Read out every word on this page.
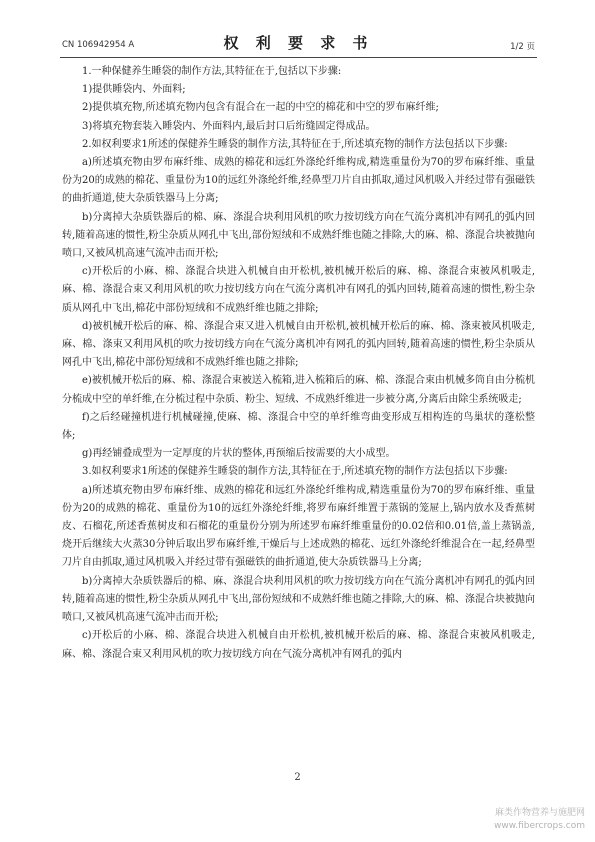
CN 106942954 A	权 利 要 求 书	1/2 页

1.一种保健养生睡袋的制作方法,其特征在于,包括以下步骤:

1)提供睡袋内、外面料;

2)提供填充物,所述填充物内包含有混合在一起的中空的棉花和中空的罗布麻纤维;

3)将填充物套装入睡袋内、外面料内,最后封口后绗缝固定得成品。

2.如权利要求1所述的保健养生睡袋的制作方法,其特征在于,所述填充物的制作方法包括以下步骤:

a)所述填充物由罗布麻纤维、成熟的棉花和远红外涤纶纤维构成,精选重量份为70的罗布麻纤维、重量份为20的成熟的棉花、重量份为10的远红外涤纶纤维,经鼻型刀片自由抓取,通过风机吸入并经过带有强磁铁的曲折通道,使大杂质铁器马上分离;

b)分离掉大杂质铁器后的棉、麻、涤混合块利用风机的吹力按切线方向在气流分离机冲有网孔的弧内回转,随着高速的惯性,粉尘杂质从网孔中飞出,部份短绒和不成熟纤维也随之排除,大的麻、棉、涤混合块被抛向喷口,又被风机高速气流冲击而开松;

c)开松后的小麻、棉、涤混合块进入机械自由开松机,被机械开松后的麻、棉、涤混合束被风机吸走,麻、棉、涤混合束又利用风机的吹力按切线方向在气流分离机冲有网孔的弧内回转,随着高速的惯性,粉尘杂质从网孔中飞出,棉花中部份短绒和不成熟纤维也随之排除;

d)被机械开松后的麻、棉、涤混合束又进入机械自由开松机,被机械开松后的麻、棉、涤束被风机吸走,麻、棉、涤束又利用风机的吹力按切线方向在气流分离机冲有网孔的弧内回转,随着高速的惯性,粉尘杂质从网孔中飞出,棉花中部份短绒和不成熟纤维也随之排除;

e)被机械开松后的麻、棉、涤混合束被送入梳箱,进入梳箱后的麻、棉、涤混合束由机械多筒自由分梳机分梳成中空的单纤维,在分梳过程中杂质、粉尘、短绒、不成熟纤维进一步被分离,分离后由除尘系统吸走;

f)之后经碰撞机进行机械碰撞,使麻、棉、涤混合中空的单纤维弯曲变形成互相构连的鸟巢状的蓬松整体;

g)再经铺叠成型为一定厚度的片状的整体,再预缩后按需要的大小成型。

3.如权利要求1所述的保健养生睡袋的制作方法,其特征在于,所述填充物的制作方法包括以下步骤:

a)所述填充物由罗布麻纤维、成熟的棉花和远红外涤纶纤维构成,精选重量份为70的罗布麻纤维、重量份为20的成熟的棉花、重量份为10的远红外涤纶纤维,将罗布麻纤维置于蒸锅的笼屉上,锅内放水及香蕉树皮、石榴花,所述香蕉树皮和石榴花的重量份分别为所述罗布麻纤维重量份的0.02倍和0.01倍,盖上蒸锅盖,烧开后继续大火蒸30分钟后取出罗布麻纤维,干燥后与上述成熟的棉花、远红外涤纶纤维混合在一起,经鼻型刀片自由抓取,通过风机吸入并经过带有强磁铁的曲折通道,使大杂质铁器马上分离;

b)分离掉大杂质铁器后的棉、麻、涤混合块利用风机的吹力按切线方向在气流分离机冲有网孔的弧内回转,随着高速的惯性,粉尘杂质从网孔中飞出,部份短绒和不成熟纤维也随之排除,大的麻、棉、涤混合块被抛向喷口,又被风机高速气流冲击而开松;

c)开松后的小麻、棉、涤混合块进入机械自由开松机,被机械开松后的麻、棉、涤混合束被风机吸走,麻、棉、涤混合束又利用风机的吹力按切线方向在气流分离机冲有网孔的弧内

2
麻类作物营养与施肥网
www.fibercrops.com
